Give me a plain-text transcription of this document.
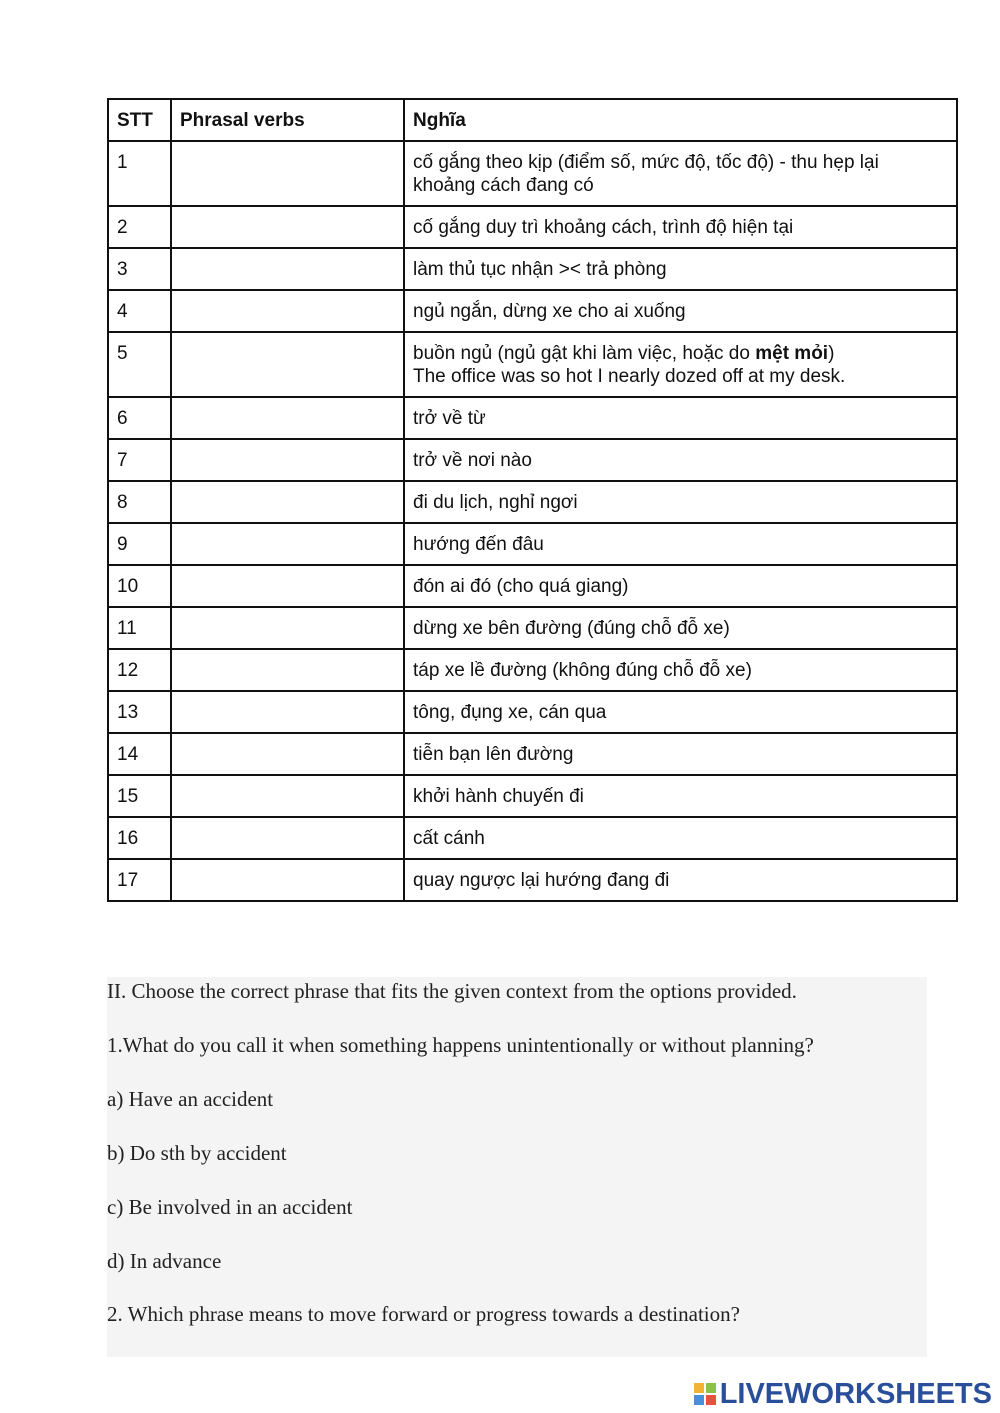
STT	Phrasal verbs	Nghĩa
1		cố gắng theo kịp (điểm số, mức độ, tốc độ) - thu hẹp lại
khoảng cách đang có

2		cố gắng duy trì khoảng cách, trình độ hiện tại
3		làm thủ tục nhận >< trả phòng
4		ngủ ngắn, dừng xe cho ai xuống
5		buồn ngủ (ngủ gật khi làm việc, hoặc do mệt mỏi)
The office was so hot I nearly dozed off at my desk.

6		trở về từ
7		trở về nơi nào
8		đi du lịch, nghỉ ngơi
9		hướng đến đâu
10		đón ai đó (cho quá giang)
11		dừng xe bên đường (đúng chỗ đỗ xe)
12		táp xe lề đường (không đúng chỗ đỗ xe)
13		tông, đụng xe, cán qua
14		tiễn bạn lên đường
15		khởi hành chuyến đi
16		cất cánh
17		quay ngược lại hướng đang đi

II. Choose the correct phrase that fits the given context from the options provided.

1.What do you call it when something happens unintentionally or without planning?

a) Have an accident

b) Do sth by accident

c) Be involved in an accident

d) In advance

2. Which phrase means to move forward or progress towards a destination?

LIVEWORKSHEETS
